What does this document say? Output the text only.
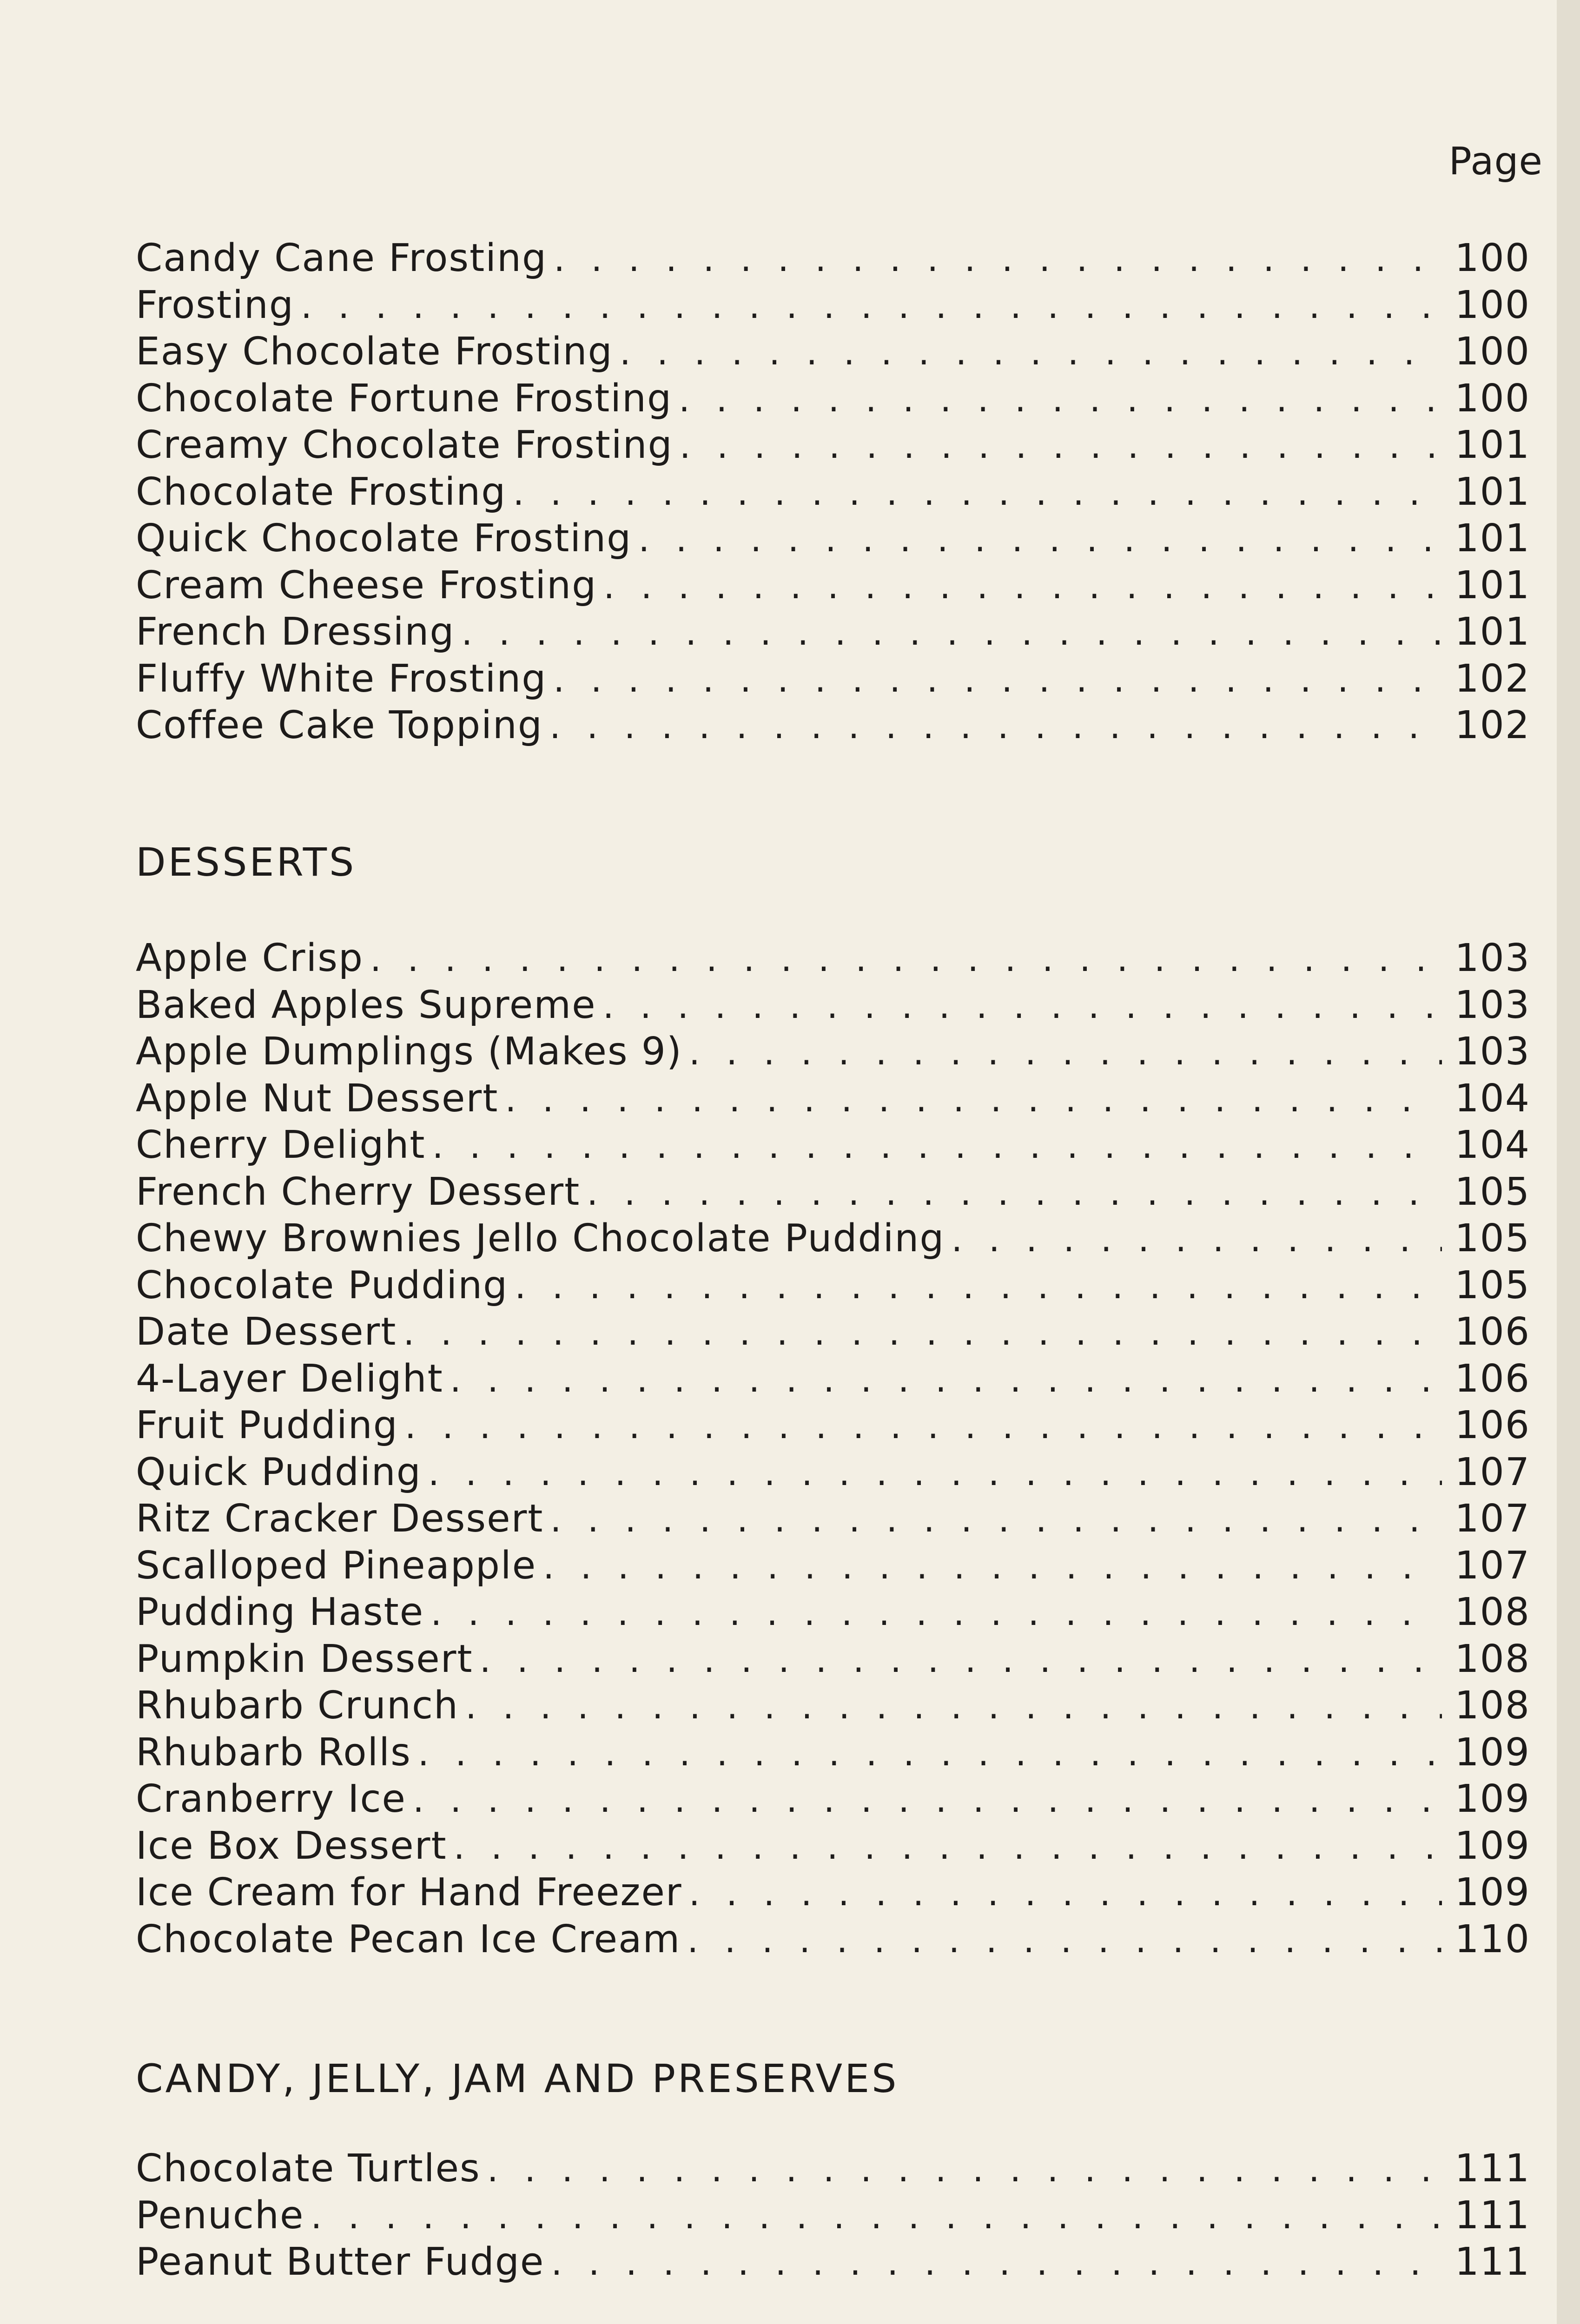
Page
Candy Cane Frosting . . .	100
Frosting . . .	100
Easy Chocolate Frosting . . .	100
Chocolate Fortune Frosting . . .	100
Creamy Chocolate Frosting . . .	101
Chocolate Frosting . . .	101
Quick Chocolate Frosting . . .	101
Cream Cheese Frosting . . .	101
French Dressing . . .	101
Fluffy White Frosting . . .	102
Coffee Cake Topping . . .	102
DESSERTS
Apple Crisp . . .	103
Baked Apples Supreme . . .	103
Apple Dumplings (Makes 9) . . .	103
Apple Nut Dessert . . .	104
Cherry Delight . . .	104
French Cherry Dessert . . .	105
Chewy Brownies Jello Chocolate Pudding . . .	105
Chocolate Pudding . . .	105
Date Dessert . . .	106
4-Layer Delight . . .	106
Fruit Pudding . . .	106
Quick Pudding . . .	107
Ritz Cracker Dessert . . .	107
Scalloped Pineapple . . .	107
Pudding Haste . . .	108
Pumpkin Dessert . . .	108
Rhubarb Crunch . . .	108
Rhubarb Rolls . . .	109
Cranberry Ice . . .	109
Ice Box Dessert . . .	109
Ice Cream for Hand Freezer . . .	109
Chocolate Pecan Ice Cream . . .	110
CANDY, JELLY, JAM AND PRESERVES
Chocolate Turtles . . .	111
Penuche . . .	111
Peanut Butter Fudge . . .	111
